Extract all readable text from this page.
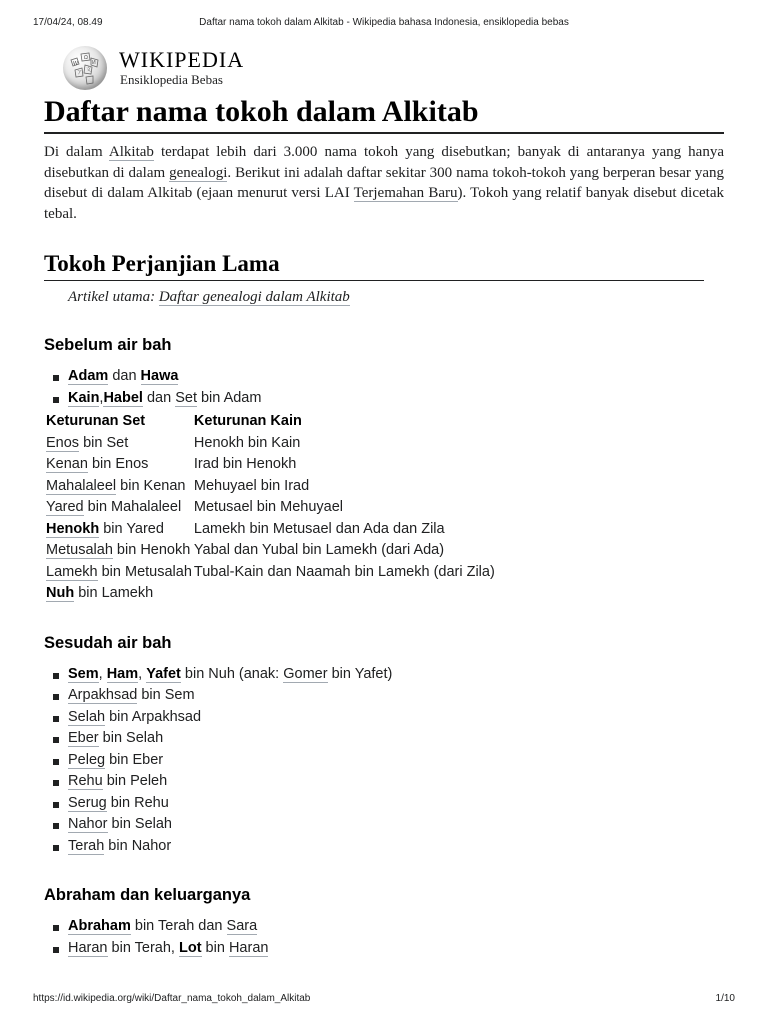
17/04/24, 08.49	Daftar nama tokoh dalam Alkitab - Wikipedia bahasa Indonesia, ensiklopedia bebas
W
Ω
И
ア 文 WIKIPEDIA
Ensiklopedia Bebas
Daftar nama tokoh dalam Alkitab

Di dalam Alkitab terdapat lebih dari 3.000 nama tokoh yang disebutkan; banyak di antaranya yang hanya disebutkan di dalam genealogi. Berikut ini adalah daftar sekitar 300 nama tokoh-tokoh yang berperan besar yang disebut di dalam Alkitab (ejaan menurut versi LAI Terjemahan Baru). Tokoh yang relatif banyak disebut dicetak tebal.

Tokoh Perjanjian Lama
Artikel utama: Daftar genealogi dalam Alkitab
Sebelum air bah
Adam dan Hawa
Kain,Habel dan Set bin Adam
Keturunan Set	Keturunan Kain
Enos bin Set	Henokh bin Kain
Kenan bin Enos	Irad bin Henokh
Mahalaleel bin Kenan	Mehuyael bin Irad
Yared bin Mahalaleel	Metusael bin Mehuyael
Henokh bin Yared	Lamekh bin Metusael dan Ada dan Zila
Metusalah bin Henokh	Yabal dan Yubal bin Lamekh (dari Ada)
Lamekh bin Metusalah	Tubal-Kain dan Naamah bin Lamekh (dari Zila)
Nuh bin Lamekh	
Sesudah air bah
Sem, Ham, Yafet bin Nuh (anak: Gomer bin Yafet)
Arpakhsad bin Sem
Selah bin Arpakhsad
Eber bin Selah
Peleg bin Eber
Rehu bin Peleh
Serug bin Rehu
Nahor bin Selah
Terah bin Nahor
Abraham dan keluarganya
Abraham bin Terah dan Sara
Haran bin Terah, Lot bin Haran
https://id.wikipedia.org/wiki/Daftar_nama_tokoh_dalam_Alkitab	1/10
